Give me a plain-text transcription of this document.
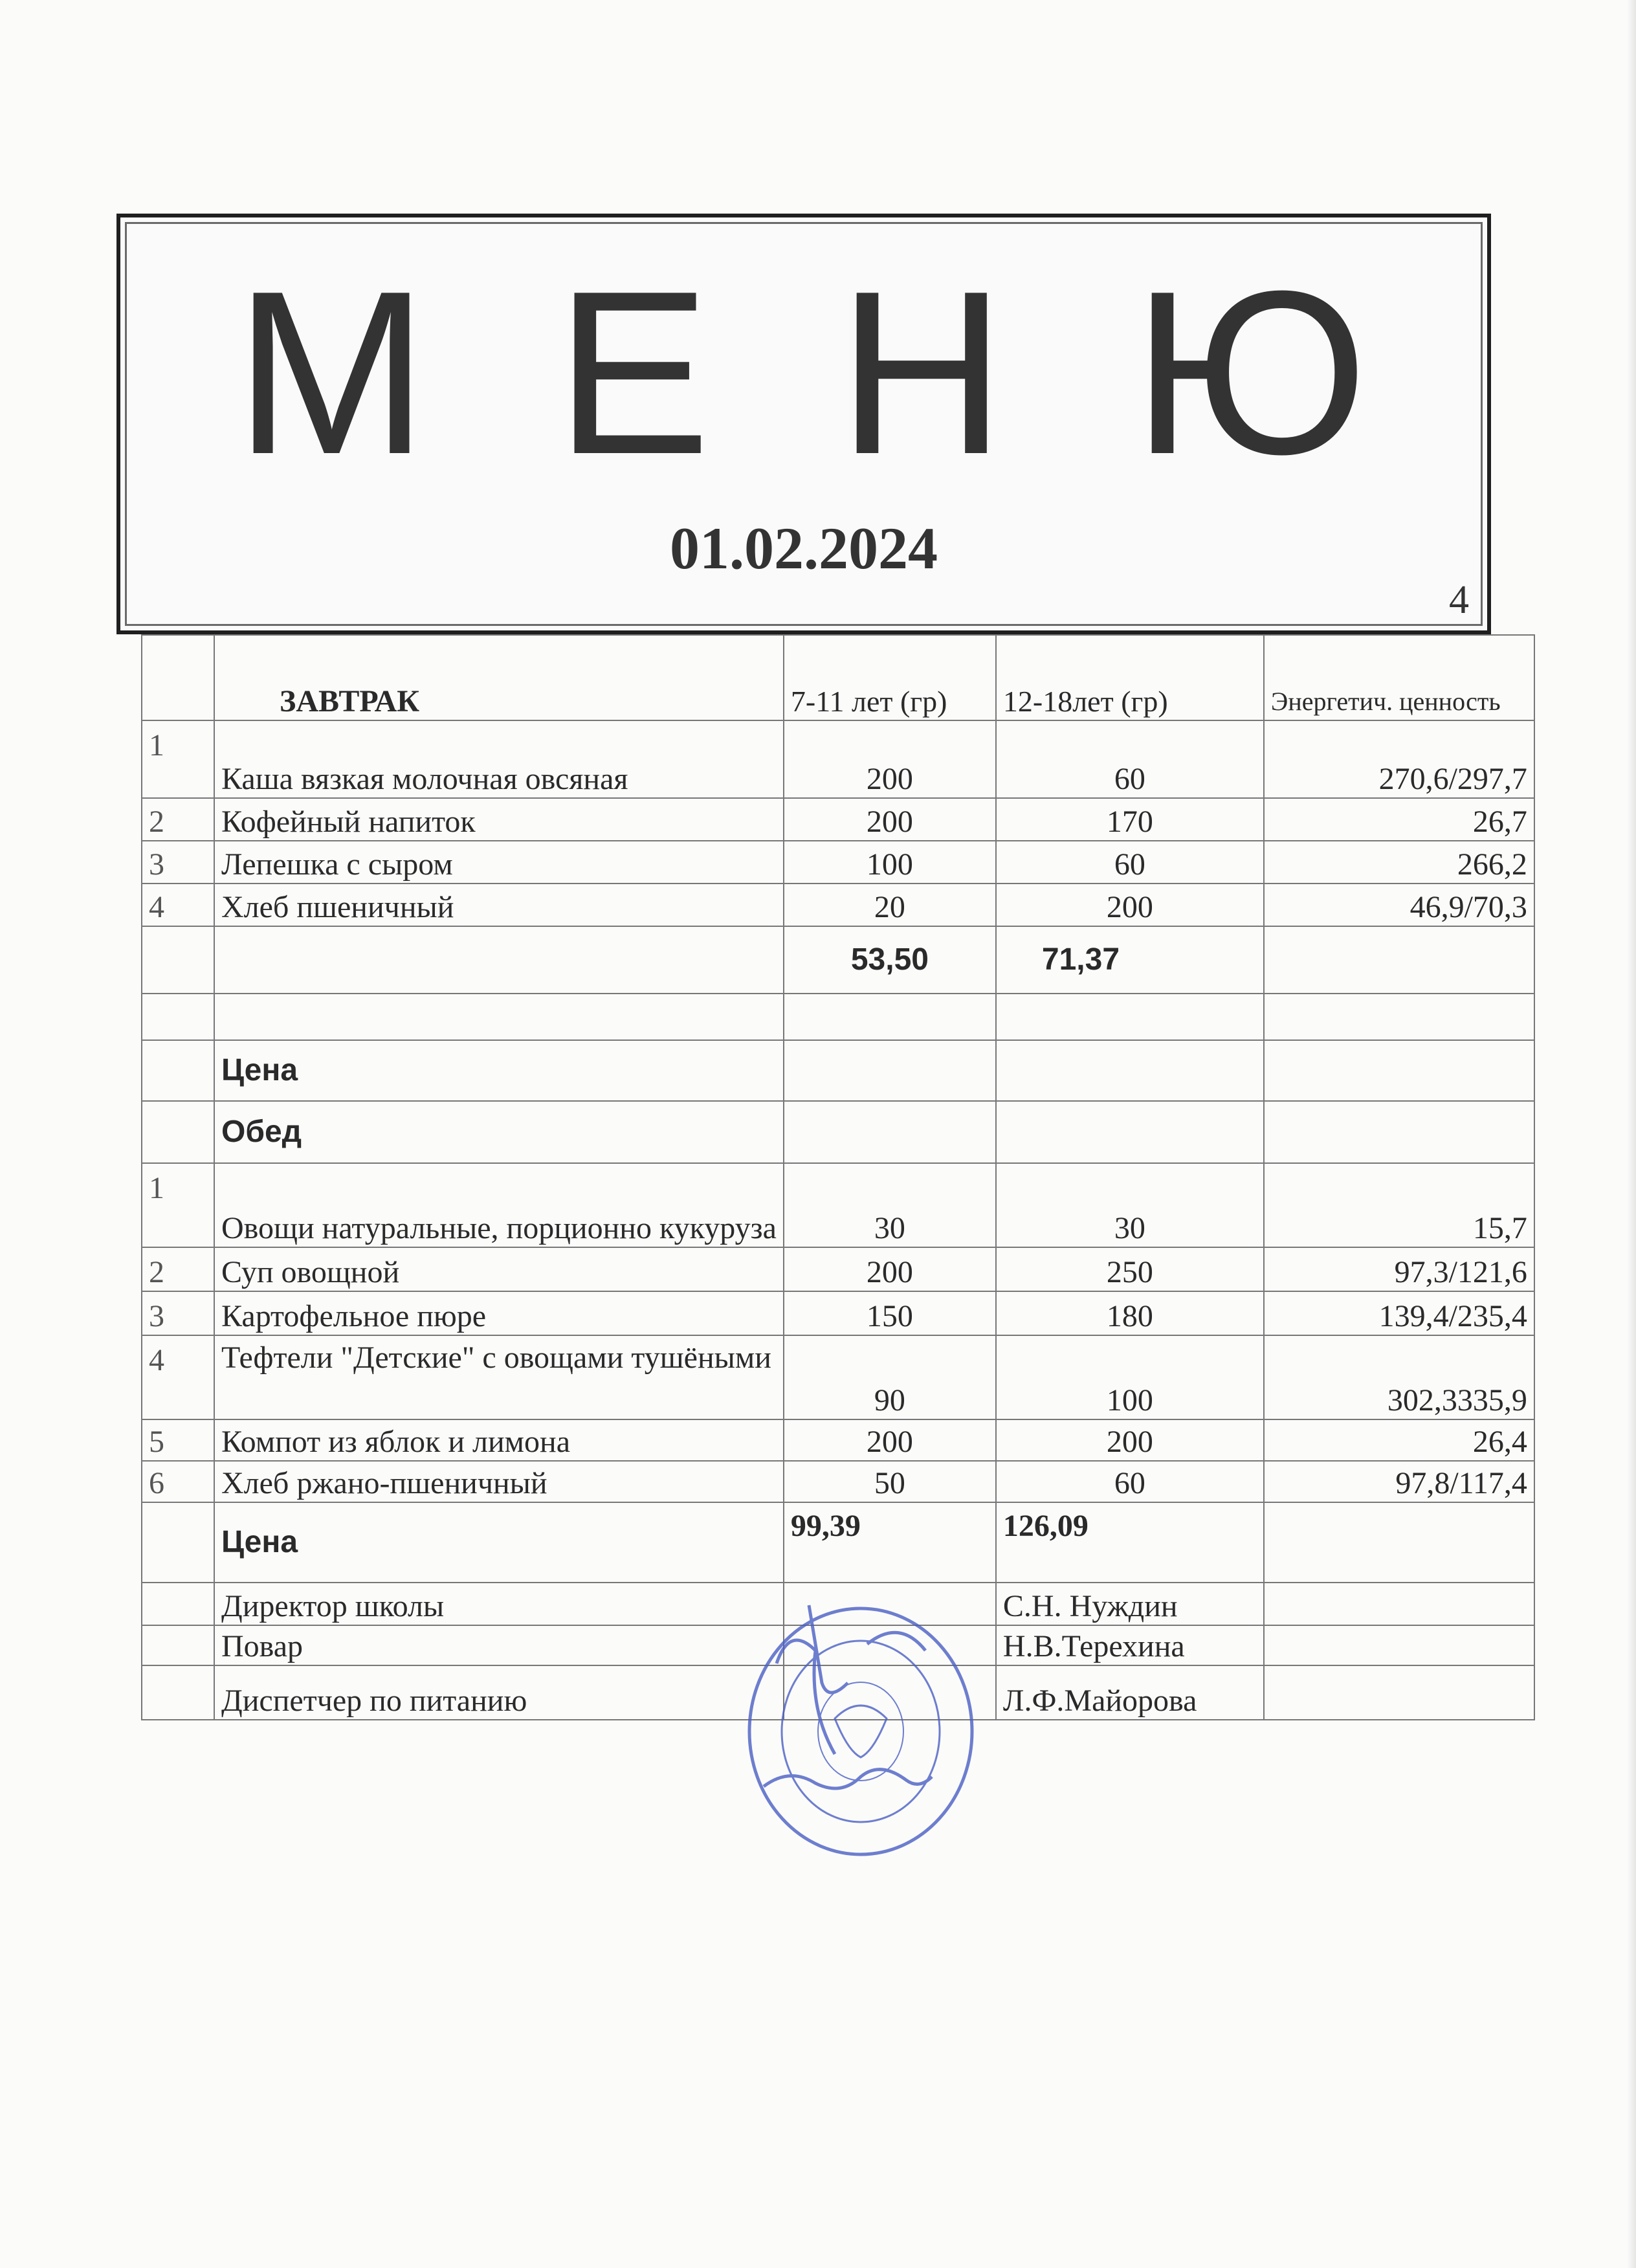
М Е Н Ю
01.02.2024
4
	ЗАВТРАК	7-11 лет (гр)	12-18лет (гр)	Энергетич. ценность
1	Каша вязкая молочная овсяная	200	60	270,6/297,7
2	Кофейный напиток	200	170	26,7
3	Лепешка с сыром	100	60	266,2
4	Хлеб пшеничный	20	200	46,9/70,3
		53,50	71,37	

	Цена			
	Обед			
1	Овощи натуральные, порционно кукуруза	30	30	15,7
2	Суп овощной	200	250	97,3/121,6
3	Картофельное пюре	150	180	139,4/235,4
4	Тефтели "Детские" с овощами тушёными	90	100	302,3335,9
5	Компот из яблок и лимона	200	200	26,4
6	Хлеб ржано-пшеничный	50	60	97,8/117,4
	Цена	99,39	126,09	
	Директор школы		С.Н. Нуждин	
	Повар		Н.В.Терехина	
	Диспетчер по питанию		Л.Ф.Майорова	
